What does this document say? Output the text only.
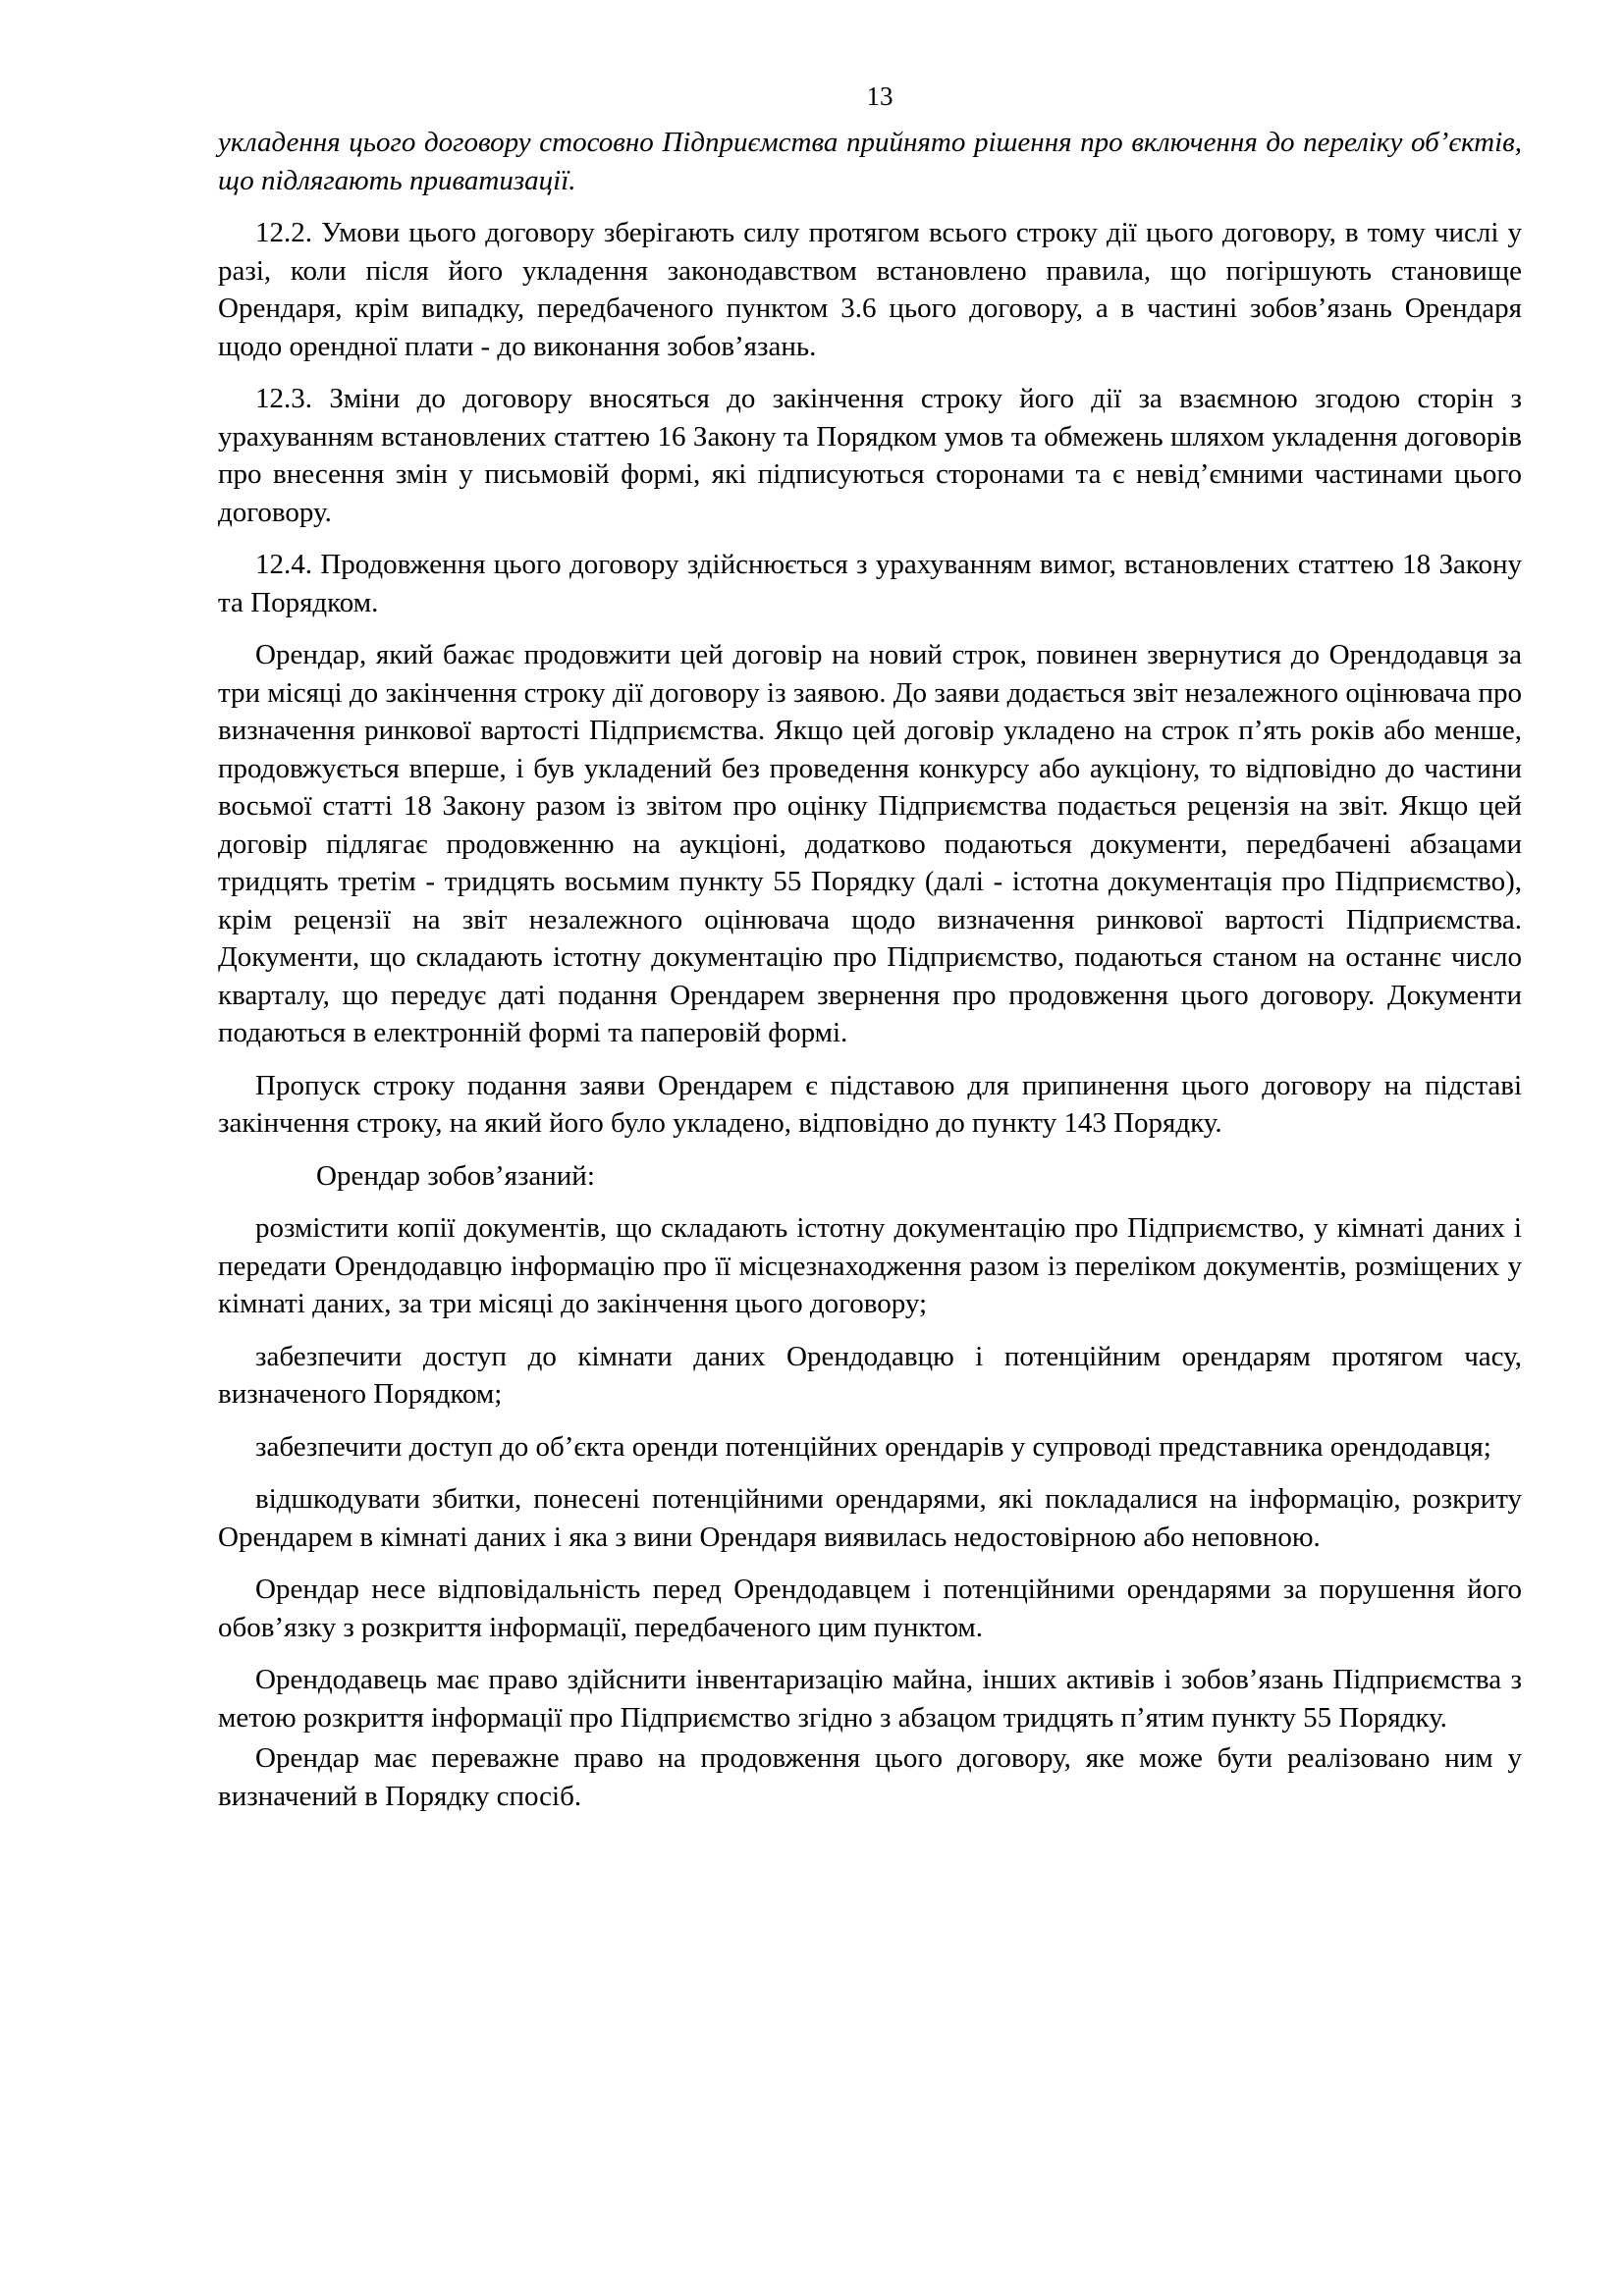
13

укладення цього договору стосовно Підприємства прийнято рішення про включення до переліку об’єктів, що підлягають приватизації.

12.2. Умови цього договору зберігають силу протягом всього строку дії цього договору, в тому числі у разі, коли після його укладення законодавством встановлено правила, що погіршують становище Орендаря, крім випадку, передбаченого пунктом 3.6 цього договору, а в частині зобов’язань Орендаря щодо орендної плати - до виконання зобов’язань.

12.3. Зміни до договору вносяться до закінчення строку його дії за взаємною згодою сторін з урахуванням встановлених статтею 16 Закону та Порядком умов та обмежень шляхом укладення договорів про внесення змін у письмовій формі, які підписуються сторонами та є невід’ємними частинами цього договору.

12.4. Продовження цього договору здійснюється з урахуванням вимог, встановлених статтею 18 Закону та Порядком.

Орендар, який бажає продовжити цей договір на новий строк, повинен звернутися до Орендодавця за три місяці до закінчення строку дії договору із заявою. До заяви додається звіт незалежного оцінювача про визначення ринкової вартості Підприємства. Якщо цей договір укладено на строк п’ять років або менше, продовжується вперше, і був укладений без проведення конкурсу або аукціону, то відповідно до частини восьмої статті 18 Закону разом із звітом про оцінку Підприємства подається рецензія на звіт. Якщо цей договір підлягає продовженню на аукціоні, додатково подаються документи, передбачені абзацами тридцять третім - тридцять восьмим пункту 55 Порядку (далі - істотна документація про Підприємство), крім рецензії на звіт незалежного оцінювача щодо визначення ринкової вартості Підприємства. Документи, що складають істотну документацію про Підприємство, подаються станом на останнє число кварталу, що передує даті подання Орендарем звернення про продовження цього договору. Документи подаються в електронній формі та паперовій формі.

Пропуск строку подання заяви Орендарем є підставою для припинення цього договору на підставі закінчення строку, на який його було укладено, відповідно до пункту 143 Порядку.

Орендар зобов’язаний:

розмістити копії документів, що складають істотну документацію про Підприємство, у кімнаті даних і передати Орендодавцю інформацію про її місцезнаходження разом із переліком документів, розміщених у кімнаті даних, за три місяці до закінчення цього договору;

забезпечити доступ до кімнати даних Орендодавцю і потенційним орендарям протягом часу, визначеного Порядком;

забезпечити доступ до об’єкта оренди потенційних орендарів у супроводі представника орендодавця;

відшкодувати збитки, понесені потенційними орендарями, які покладалися на інформацію, розкриту Орендарем в кімнаті даних і яка з вини Орендаря виявилась недостовірною або неповною.

Орендар несе відповідальність перед Орендодавцем і потенційними орендарями за порушення його обов’язку з розкриття інформації, передбаченого цим пунктом.

Орендодавець має право здійснити інвентаризацію майна, інших активів і зобов’язань Підприємства з метою розкриття інформації про Підприємство згідно з абзацом тридцять п’ятим пункту 55 Порядку.

Орендар має переважне право на продовження цього договору, яке може бути реалізовано ним у визначений в Порядку спосіб.
